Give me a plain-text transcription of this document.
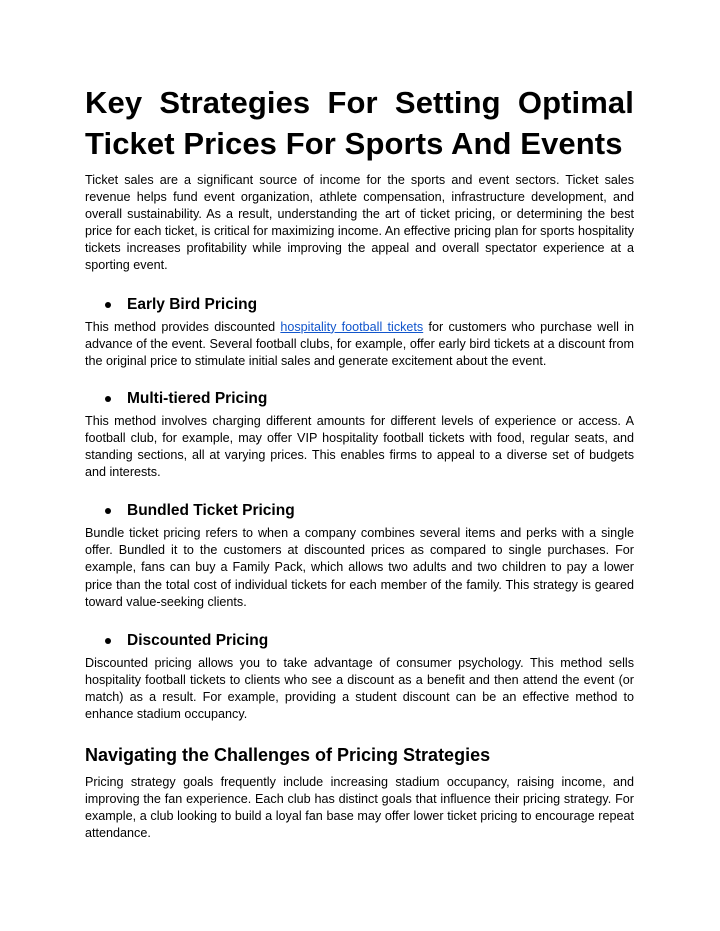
Key Strategies For Setting Optimal
Ticket Prices For Sports And Events

Ticket sales are a significant source of income for the sports and event sectors. Ticket sales revenue helps fund event organization, athlete compensation, infrastructure development, and overall sustainability. As a result, understanding the art of ticket pricing, or determining the best price for each ticket, is critical for maximizing income. An effective pricing plan for sports hospitality tickets increases profitability while improving the appeal and overall spectator experience at a sporting event.

Early Bird Pricing

This method provides discounted hospitality football tickets for customers who purchase well in advance of the event. Several football clubs, for example, offer early bird tickets at a discount from the original price to stimulate initial sales and generate excitement about the event.

Multi-tiered Pricing

This method involves charging different amounts for different levels of experience or access. A football club, for example, may offer VIP hospitality football tickets with food, regular seats, and standing sections, all at varying prices. This enables firms to appeal to a diverse set of budgets and interests.

Bundled Ticket Pricing

Bundle ticket pricing refers to when a company combines several items and perks with a single offer. Bundled it to the customers at discounted prices as compared to single purchases. For example, fans can buy a Family Pack, which allows two adults and two children to pay a lower price than the total cost of individual tickets for each member of the family. This strategy is geared toward value-seeking clients.

Discounted Pricing

Discounted pricing allows you to take advantage of consumer psychology. This method sells hospitality football tickets to clients who see a discount as a benefit and then attend the event (or match) as a result. For example, providing a student discount can be an effective method to enhance stadium occupancy.

Navigating the Challenges of Pricing Strategies

Pricing strategy goals frequently include increasing stadium occupancy, raising income, and improving the fan experience. Each club has distinct goals that influence their pricing strategy. For example, a club looking to build a loyal fan base may offer lower ticket pricing to encourage repeat attendance.
